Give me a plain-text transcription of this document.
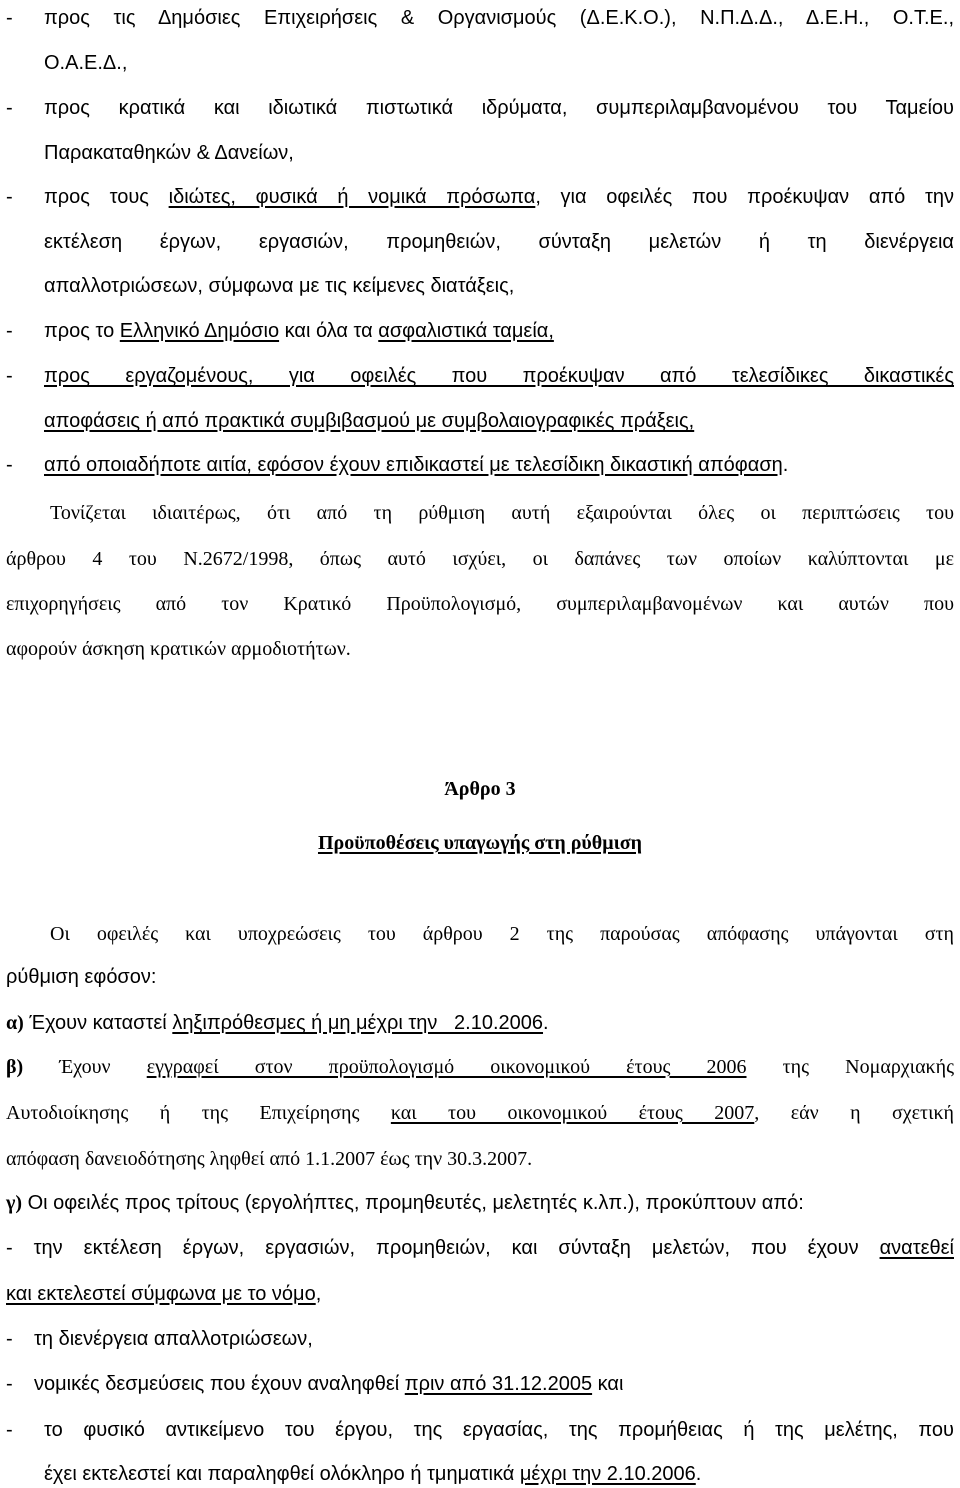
- προς τις Δημόσιες Επιχειρήσεις & Οργανισμούς (Δ.Ε.Κ.Ο.), Ν.Π.Δ.Δ., Δ.Ε.Η., Ο.Τ.Ε.,
Ο.Α.Ε.Δ.,
- προς κρατικά και ιδιωτικά πιστωτικά ιδρύματα, συμπεριλαμβανομένου του Ταμείου
Παρακαταθηκών & Δανείων,
- προς τους ιδιώτες, φυσικά ή νομικά πρόσωπα, για οφειλές που προέκυψαν από την
εκτέλεση έργων, εργασιών, προμηθειών, σύνταξη μελετών ή τη διενέργεια
απαλλοτριώσεων, σύμφωνα με τις κείμενες διατάξεις,
- προς το Ελληνικό Δημόσιο και όλα τα ασφαλιστικά ταμεία,
- προς εργαζομένους, για οφειλές που προέκυψαν από τελεσίδικες δικαστικές
αποφάσεις ή από πρακτικά συμβιβασμού με συμβολαιογραφικές πράξεις,
- από οποιαδήποτε αιτία, εφόσον έχουν επιδικαστεί με τελεσίδικη δικαστική απόφαση.
Τονίζεται ιδιαιτέρως, ότι από τη ρύθμιση αυτή εξαιρούνται όλες οι περιπτώσεις του
άρθρου 4 του Ν.2672/1998, όπως αυτό ισχύει, οι δαπάνες των οποίων καλύπτονται με
επιχορηγήσεις από τον Κρατικό Προϋπολογισμό, συμπεριλαμβανομένων και αυτών που
αφορούν άσκηση κρατικών αρμοδιοτήτων.
Άρθρο 3
Προϋποθέσεις υπαγωγής στη ρύθμιση
Οι οφειλές και υποχρεώσεις του άρθρου 2 της παρούσας απόφασης υπάγονται στη
ρύθμιση εφόσον:
α) Έχουν καταστεί ληξιπρόθεσμες ή μη μέχρι την   2.10.2006.
β) Έχουν εγγραφεί στον προϋπολογισμό οικονομικού έτους 2006 της Νομαρχιακής
Αυτοδιοίκησης ή της Επιχείρησης και του οικονομικού έτους 2007, εάν η σχετική
απόφαση δανειοδότησης ληφθεί από 1.1.2007 έως την 30.3.2007.
γ) Οι οφειλές προς τρίτους (εργολήπτες, προμηθευτές, μελετητές κ.λπ.), προκύπτουν από:
- την εκτέλεση έργων, εργασιών, προμηθειών, και σύνταξη μελετών, που έχουν ανατεθεί
και εκτελεστεί σύμφωνα με το νόμο,
- τη διενέργεια απαλλοτριώσεων,
- νομικές δεσμεύσεις που έχουν αναληφθεί πριν από 31.12.2005 και
- το φυσικό αντικείμενο του έργου, της εργασίας, της προμήθειας ή της μελέτης, που
έχει εκτελεστεί και παραληφθεί ολόκληρο ή τμηματικά μέχρι την 2.10.2006.
